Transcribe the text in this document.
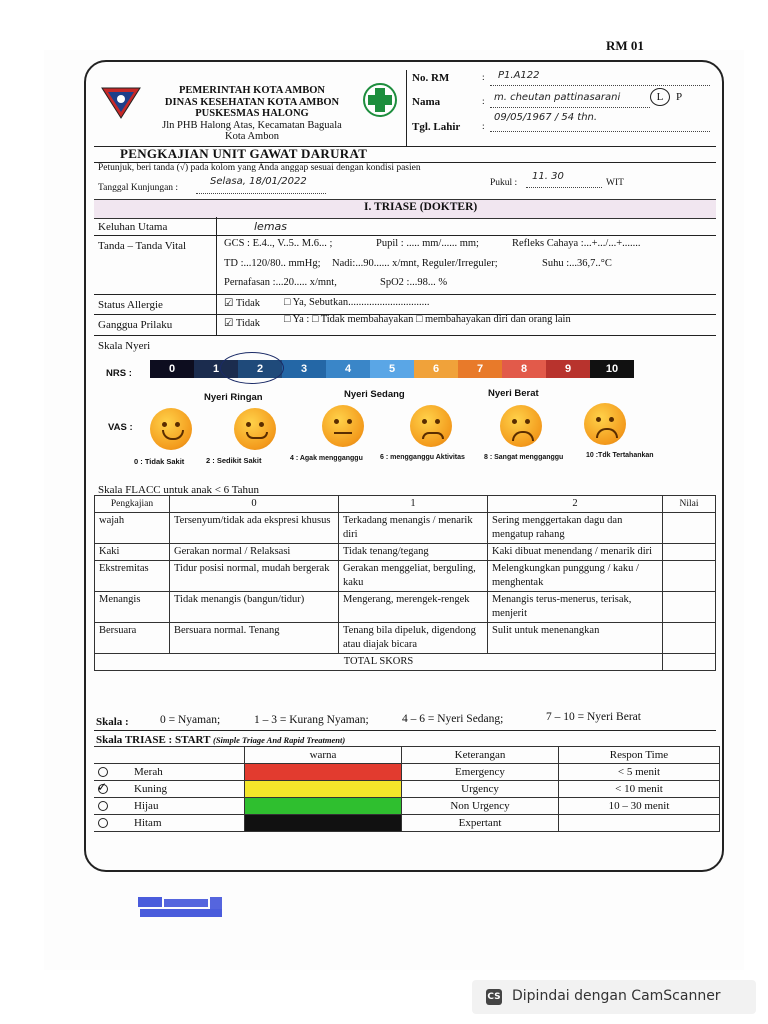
RM 01
PEMERINTAH KOTA AMBON
DINAS KESEHATAN KOTA AMBON
PUSKESMAS HALONG
Jln PHB Halong Atas, Kecamatan Baguala
Kota Ambon
No. RM	: P1.A122
Nama	: m. cheutan pattinasarani	L	P
Tgl. Lahir :
09/05/1967 / 54 thn.
PENGKAJIAN UNIT GAWAT DARURAT
Petunjuk, beri tanda (√) pada kolom yang Anda anggap sesuai dengan kondisi pasien
Tanggal Kunjungan :
Selasa, 18/01/2022	Pukul :
11. 30
WIT
I. TRIASE (DOKTER)
Keluhan Utama	lemas
Tanda – Tanda Vital	GCS : E.4.., V..5.. M.6... ;	Pupil : ..... mm/...... mm;	Refleks Cahaya :...+.../...+.......
TD :...120/80.. mmHg; Nadi:...90...... x/mnt, Reguler/Irreguler;	Suhu :...36,7..°C
Pernafasan :...20..... x/mnt,	SpO2 :...98... %
Status Allergie	☑ Tidak □ Ya, Sebutkan...............................
Ganggua Prilaku	☑ Tidak □ Ya : □ Tidak membahayakan □ membahayakan diri dan orang lain
Skala Nyeri
NRS :	0	1	2	3	4	5	6	7	8	9	10
Nyeri Ringan	Nyeri Sedang	Nyeri Berat
VAS :
0 : Tidak Sakit	2 : Sedikit Sakit	4 : Agak mengganggu 6 : mengganggu Aktivitas	8 : Sangat mengganggu	10 :Tdk Tertahankan
Skala FLACC untuk anak < 6 Tahun
Pengkajian	0	1	2	Nilai
wajah	Tersenyum/tidak ada ekspresi khusus	Terkadang menangis / menarik diri	Sering menggertakan dagu dan mengatup rahang	
Kaki	Gerakan normal / Relaksasi	Tidak tenang/tegang	Kaki dibuat menendang / menarik diri	
Ekstremitas	Tidur posisi normal, mudah bergerak	Gerakan menggeliat, berguling, kaku	Melengkungkan punggung / kaku / menghentak	
Menangis	Tidak menangis (bangun/tidur)	Mengerang, merengek-rengek	Menangis terus-menerus, terisak, menjerit	
Bersuara	Bersuara normal. Tenang	Tenang bila dipeluk, digendong atau diajak bicara	Sulit untuk menenangkan	
TOTAL SKORS				
Skala :	0 = Nyaman;	1 – 3 = Kurang Nyaman;	4 – 6 = Nyeri Sedang;	7 – 10 = Nyeri Berat
Skala TRIASE : START (Simple Triage And Rapid Treatment)
	warna	Keterangan	Respon Time
Merah		Emergency	< 5 menit

✓ Kuning		Urgency	< 10 menit
Hijau		Non Urgency	10 – 30 menit
Hitam		Expertant	
CS Dipindai dengan CamScanner
